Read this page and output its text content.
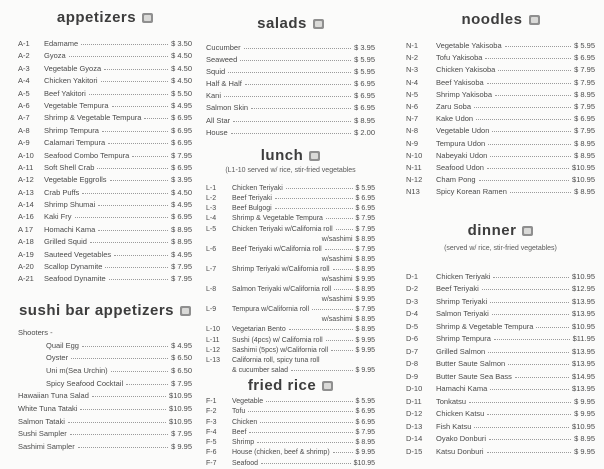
appetizers
A-1	Edamame	$ 3.50
A-2	Gyoza	$ 4.50
A-3	Vegetable Gyoza	$ 4.50
A-4	Chicken Yakitori	$ 4.50
A-5	Beef Yakitori	$ 5.50
A-6	Vegetable Tempura	$ 4.95
A-7	Shrimp & Vegetable Tempura	$ 6.95
A-8	Shrimp Tempura	$ 6.95
A-9	Calamari Tempura	$ 6.95
A-10	Seafood Combo Tempura	$ 7.95
A-11	Soft Shell Crab	$ 6.95
A-12	Vegetable Eggrolls	$ 3.95
A-13	Crab Puffs	$ 4.50
A-14	Shrimp Shumai	$ 4.95
A-16	Kaki Fry	$ 6.95
A 17	Homachi Kama	$ 8.95
A-18	Grilled Squid	$ 8.95
A-19	Sauteed Vegetables	$ 4.95
A-20	Scallop Dynamite	$ 7.95
A-21	Seafood Dynamite	$ 7.95
sushi bar appetizers
Shooters -
Quail Egg	$ 4.95
Oyster	$ 6.50
Uni m(Sea Urchin)	$ 6.50
Spicy Seafood Cocktail	$ 7.95
Hawaiian Tuna Salad	$10.95
White Tuna Tataki	$10.95
Salmon Tataki	$10.95
Sushi Sampler	$ 7.95
Sashimi Sampler	$ 9.95
salads
Cucumber	$ 3.95
Seaweed	$ 5.95
Squid	$ 5.95
Half & Half	$ 6.95
Kani	$ 6.95
Salmon Skin	$ 6.95
All Star	$ 8.95
House	$ 2.00
lunch
(L1-10 served w/ rice, stir-fried vegetables
L-1	Chicken Teriyaki	$ 5.95
L-2	Beef Teriyaki	$ 6.95
L-3	Beef Bulgogi	$ 6.95
L-4	Shrimp & Vegetable Tempura	$ 7.95
L-5	Chicken Teriyaki w/California roll	$ 7.95
w/sashimi $ 8.95
L-6	Beef Teriyaki w/California roll	$ 7.95
w/sashimi $ 8.95
L-7	Shrimp Teriyaki w/California roll	$ 8.95
w/sashimi $ 9.95
L-8	Salmon Teriyaki w/California roll	$ 8.95
w/sashimi $ 9.95
L-9	Tempura w/California roll	$ 7.95
w/sashimi $ 8.95
L-10	Vegetarian Bento	$ 8.95
L-11	Sushi (4pcs) w/ California roll	$ 9.95
L-12	Sashimi (5pcs) w/California roll	$ 9.95
L-13	California roll, spicy tuna roll
& cucumber salad	$ 9.95
fried rice
F-1	Vegetable	$ 5.95
F-2	Tofu	$ 6.95
F-3	Chicken	$ 6.95
F-4	Beef	$ 7.95
F-5	Shrimp	$ 8.95
F-6	House (chicken, beef & shrimp)	$ 9.95
F-7	Seafood	$10.95
noodles
N-1	Vegetable Yakisoba	$ 5.95
N-2	Tofu Yakisoba	$ 6.95
N-3	Chicken Yakisoba	$ 7.95
N-4	Beef Yakisoba	$ 7.95
N-5	Shrimp Yakisoba	$ 8.95
N-6	Zaru Soba	$ 7.95
N-7	Kake Udon	$ 6.95
N-8	Vegetable Udon	$ 7.95
N-9	Tempura Udon	$ 8.95
N-10	Nabeyaki Udon	$ 8.95
N-11	Seafood Udon	$10.95
N-12	Cham Pong	$10.95
N13	Spicy Korean Ramen	$ 8.95
dinner
(served w/ rice, stir-fried vegetables)
D-1	Chicken Teriyaki	$10.95
D-2	Beef Teriyaki	$12.95
D-3	Shrimp Teriyaki	$13.95
D-4	Salmon Teriyaki	$13.95
D-5	Shrimp & Vegetable Tempura	$10.95
D-6	Shrimp Tempura	$11.95
D-7	Grilled Salmon	$13.95
D-8	Butter Saute Salmon	$13.95
D-9	Butter Saute Sea Bass	$14.95
D-10	Hamachi Kama	$13.95
D-11	Tonkatsu	$ 9.95
D-12	Chicken Katsu	$ 9.95
D-13	Fish Katsu	$10.95
D-14	Oyako Donburi	$ 8.95
D-15	Katsu Donburi	$ 9.95
